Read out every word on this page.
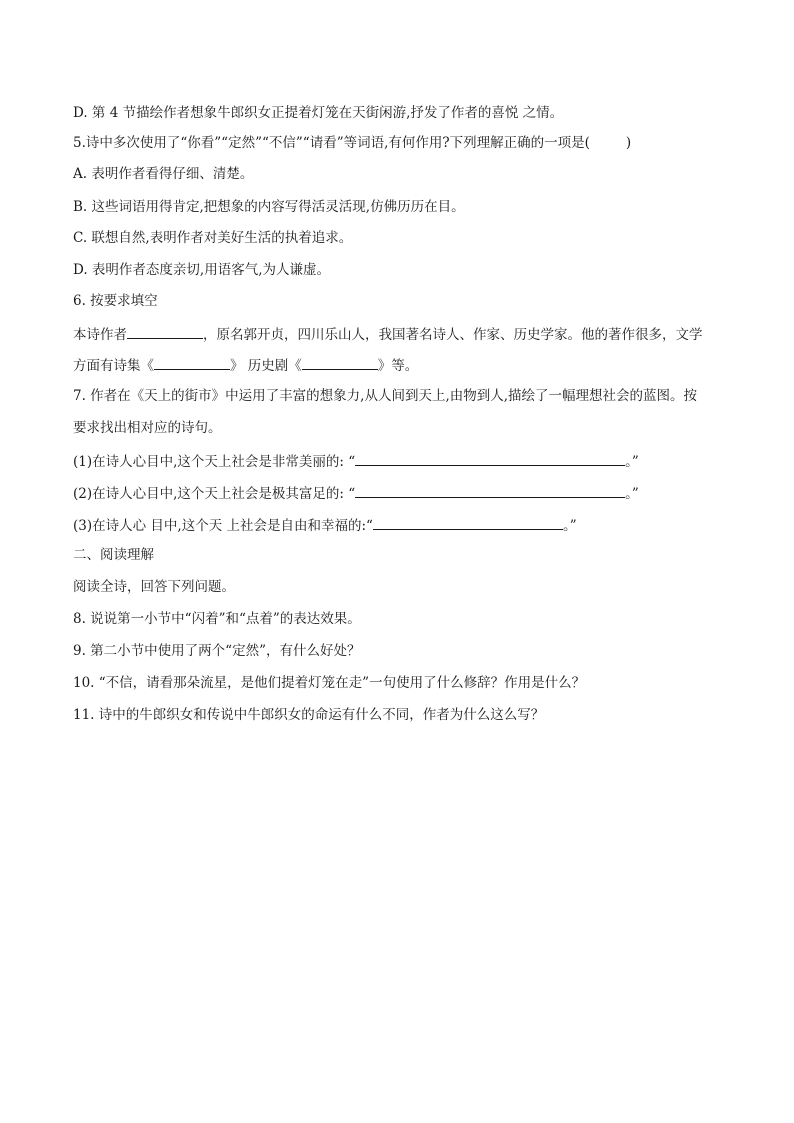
D. 第 4 节描绘作者想象牛郎织女正提着灯笼在天街闲游,抒发了作者的喜悦 之情。
5.诗中多次使用了“你看”“定然”“不信”“请看”等词语,有何作用?下列理解正确的一项是(	)
A. 表明作者看得仔细、清楚。
B. 这些词语用得肯定,把想象的内容写得活灵活现,仿佛历历在目。
C. 联想自然,表明作者对美好生活的执着追求。
D. 表明作者态度亲切,用语客气,为人谦虚。
6. 按要求填空
本诗作者	，原名郭开贞，四川乐山人，我国著名诗人、作家、历史学家。他的著作很多，文学
方面有诗集《	》 历史剧《	》等。
7. 作者在《天上的街市》中运用了丰富的想象力,从人间到天上,由物到人,描绘了一幅理想社会的蓝图。按
要求找出相对应的诗句。
(1)在诗人心目中,这个天上社会是非常美丽的: “	。”
(2)在诗人心目中,这个天上社会是极其富足的: “	。”
(3)在诗人心 目中,这个天 上社会是自由和幸福的:“	。”
二、阅读理解
阅读全诗，回答下列问题。
8. 说说第一小节中“闪着”和“点着”的表达效果。
9. 第二小节中使用了两个“定然”，有什么好处？
10. “不信，请看那朵流星，是他们提着灯笼在走”一句使用了什么修辞？作用是什么？
11. 诗中的牛郎织女和传说中牛郎织女的命运有什么不同，作者为什么这么写？
